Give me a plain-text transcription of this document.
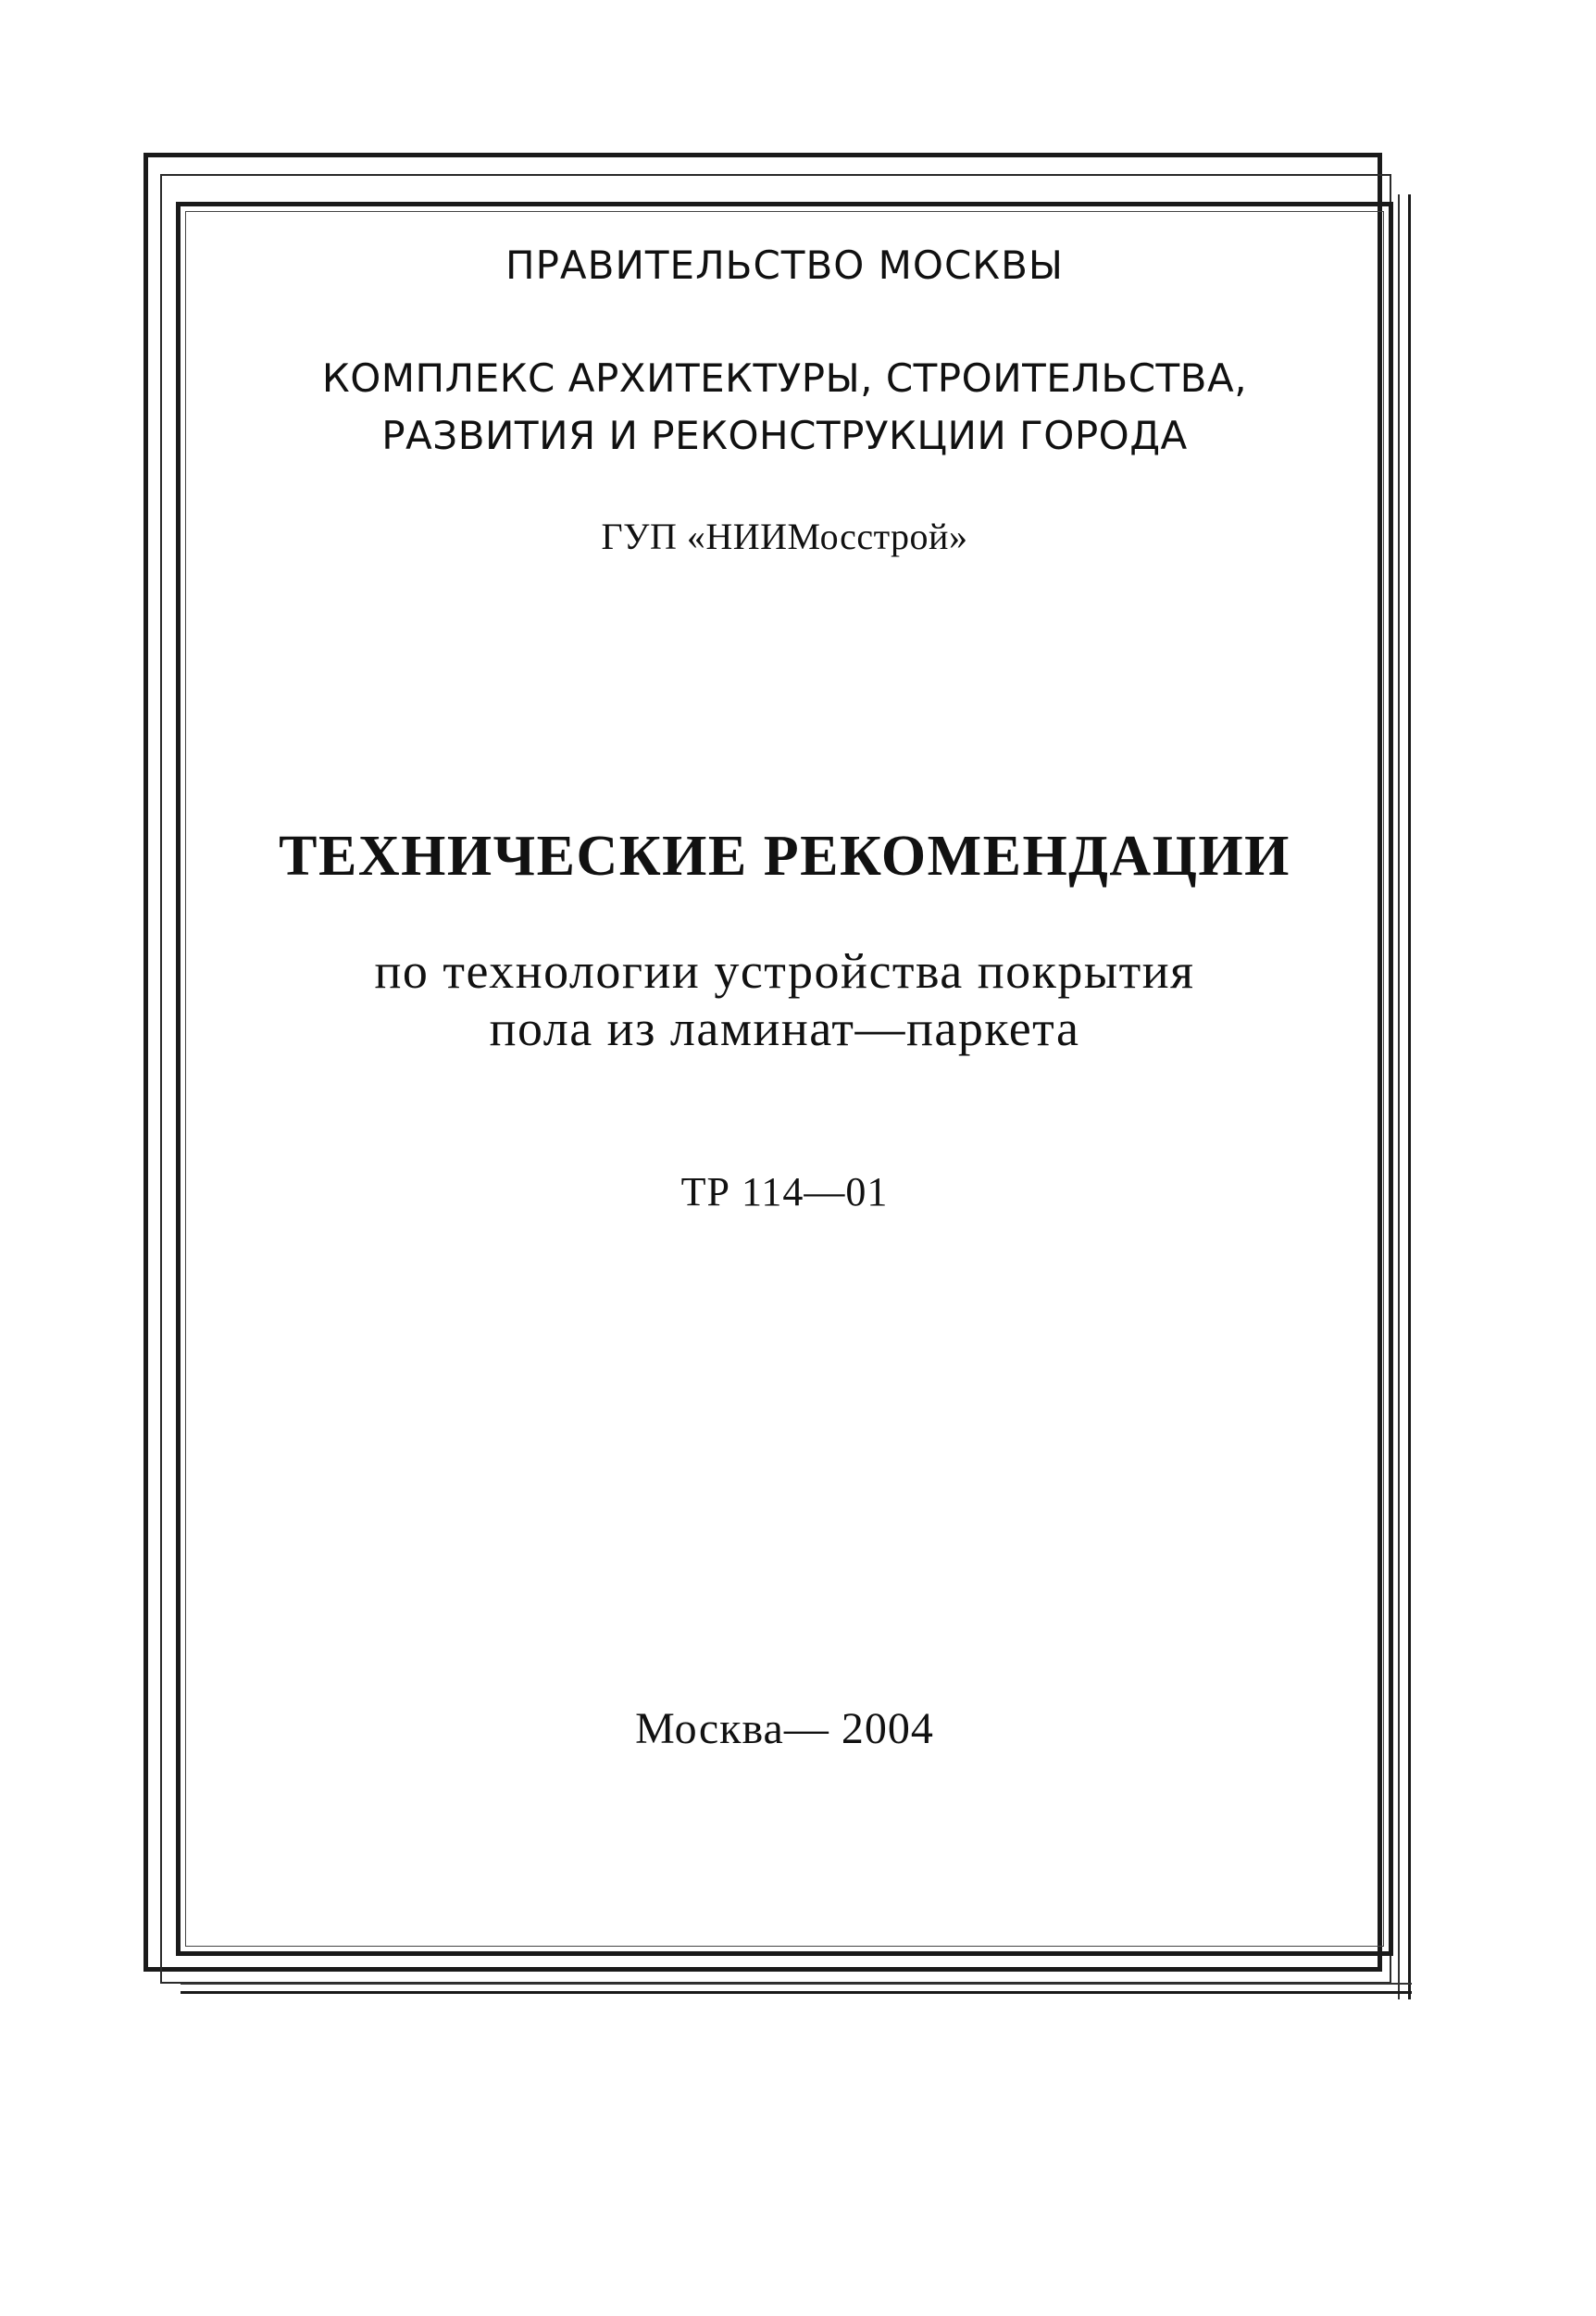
ПРАВИТЕЛЬСТВО МОСКВЫ
КОМПЛЕКС АРХИТЕКТУРЫ, СТРОИТЕЛЬСТВА,
РАЗВИТИЯ И РЕКОНСТРУКЦИИ ГОРОДА
ГУП «НИИМосстрой»
ТЕХНИЧЕСКИЕ РЕКОМЕНДАЦИИ
по технологии устройства покрытия
пола из ламинат—паркета
ТР 114—01
Москва— 2004
